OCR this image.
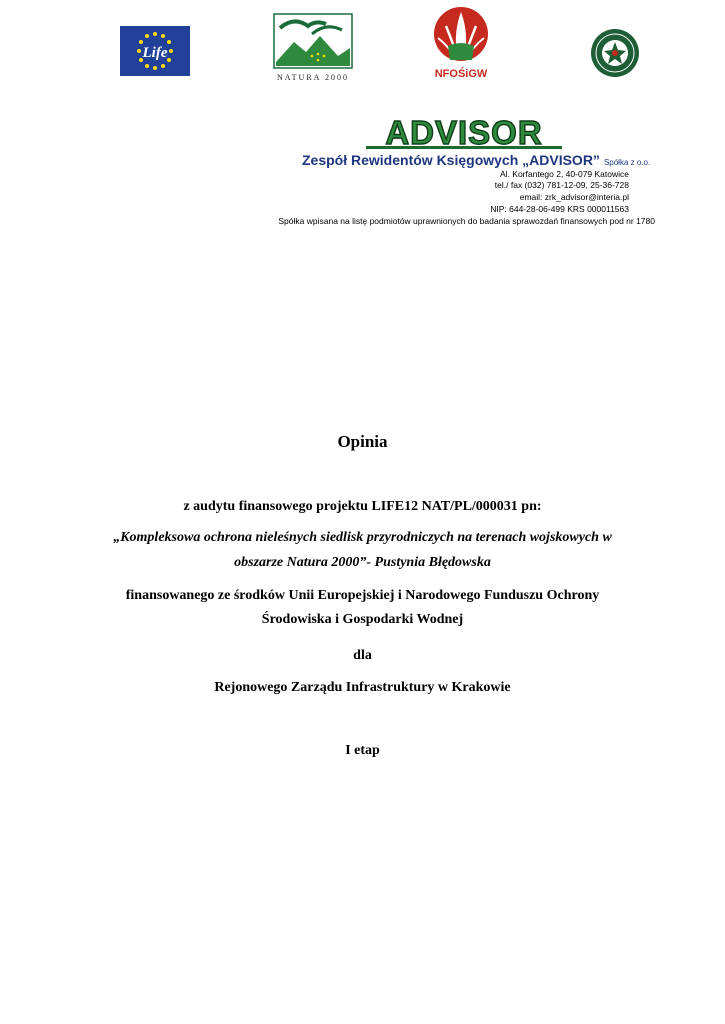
Life
NATURA 2000	NFOŚiGW
ADVISOR
Zespół Rewidentów Księgowych „ADVISOR” Spółka z o.o.
Al. Korfantego 2, 40-079 Katowice
tel./ fax (032) 781-12-09, 25-36-728
email: zrk_advisor@interia.pl
NIP: 644-28-06-499 KRS 000011563
Spółka wpisana na listę podmiotów uprawnionych do badania sprawozdań finansowych pod nr 1780
Opinia
z audytu finansowego projektu LIFE12 NAT/PL/000031 pn:
„Kompleksowa ochrona nieleśnych siedlisk przyrodniczych na terenach wojskowych w
obszarze Natura 2000”- Pustynia Błędowska
finansowanego ze środków Unii Europejskiej i Narodowego Funduszu Ochrony
Środowiska i Gospodarki Wodnej
dla
Rejonowego Zarządu Infrastruktury w Krakowie
I etap
